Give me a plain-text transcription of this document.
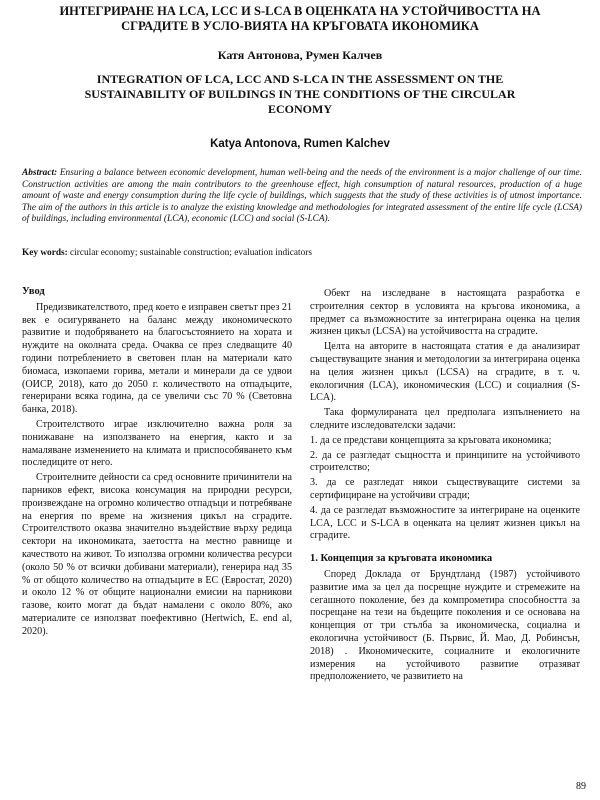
ИНТЕГРИРАНЕ НА LCA, LCC И S-LCA В ОЦЕНКАТА НА УСТОЙЧИВОСТТА НА СГРАДИТЕ В УСЛО-ВИЯТА НА КРЪГОВАТА ИКОНОМИКА

Катя Антонова, Румен Калчев

INTEGRATION OF LCA, LCC AND S-LCA IN THE ASSESSMENT ON THE SUSTAINABILITY OF BUILDINGS IN THE CONDITIONS OF THE CIRCULAR ECONOMY

Katya Antonova, Rumen Kalchev

Abstract: Ensuring a balance between economic development, human well-being and the needs of the environment is a major challenge of our time. Construction activities are among the main contributors to the greenhouse effect, high consumption of natural resources, production of a huge amount of waste and energy consumption during the life cycle of buildings, which suggests that the study of these activities is of utmost importance. The aim of the authors in this article is to analyze the existing knowledge and methodologies for integrated assessment of the entire life cycle (LCSA) of buildings, including environmental (LCA), economic (LCC) and social (S-LCA).

Key words: circular economy; sustainable construction; evaluation indicators

Увод

Предизвикателството, пред което е изправен светът през 21 век е осигуряването на баланс между икономическото развитие и подобряването на благосъстоянието на хората и нуждите на околната среда. Очаква се през следващите 40 години потреблението в световен план на материали като биомаса, изкопаеми горива, метали и минерали да се удвои (ОИСР, 2018), като до 2050 г. количеството на отпадъците, генерирани всяка година, да се увеличи със 70 % (Световна банка, 2018).

Строителството играе изключително важна роля за понижаване на използването на енергия, както и за намаляване изменението на климата и приспособяването към последиците от него.

Строителните дейности са сред основните причинители на парников ефект, висока консумация на природни ресурси, произвеждане на огромно количество отпадъци и потребяване на енергия по време на жизнения цикъл на сградите. Строителството оказва значително въздействие върху редица сектори на икономиката, заетостта на местно равнище и качеството на живот. То използва огромни количества ресурси (около 50 % от всички добивани материали), генерира над 35 % от общото количество на отпадъците в ЕС (Евростат, 2020) и около 12 % от общите национални емисии на парникови газове, които могат да бъдат намалени с около 80%, ако материалите се използват поефективно (Hertwich, E. end al, 2020).

Обект на изследване в настоящата разработка е строителния сектор в условията на кръгова икономика, а предмет са възможностите за интегрирана оценка на целия жизнен цикъл (LCSA) на устойчивостта на сградите.

Целта на авторите в настоящата статия е да анализират съществуващите знания и методологии за интегрирана оценка на целия жизнен цикъл (LCSA) на сградите, в т. ч. екологичния (LCA), икономическия (LCC) и социалния (S-LCA).

Така формулираната цел предполага изпълнението на следните изследователски задачи:

1. да се представи концепцията за кръговата икономика;

2. да се разгледат същността и принципите на устойчивото строителство;

3. да се разгледат някои съществуващите системи за сертифициране на устойчиви сгради;

4. да се разгледат възможностите за интегриране на оценките LCA, LCC и S-LCA в оценката на целият жизнен цикъл на сградите.

1. Концепция за кръговата икономика

Според Доклада от Брундтланд (1987) устойчивото развитие има за цел да посрещне нуждите и стремежите на сегашното поколение, без да компрометира способността за посрещане на тези на бъдещите поколения и се основава на концепция от три стълба за икономическа, социална и екологична устойчивост (Б. Първис, Й. Мао, Д. Робинсън, 2018) . Икономическите, социалните и екологичните измерения на устойчивото развитие отразяват предположението, че развитието на

89
